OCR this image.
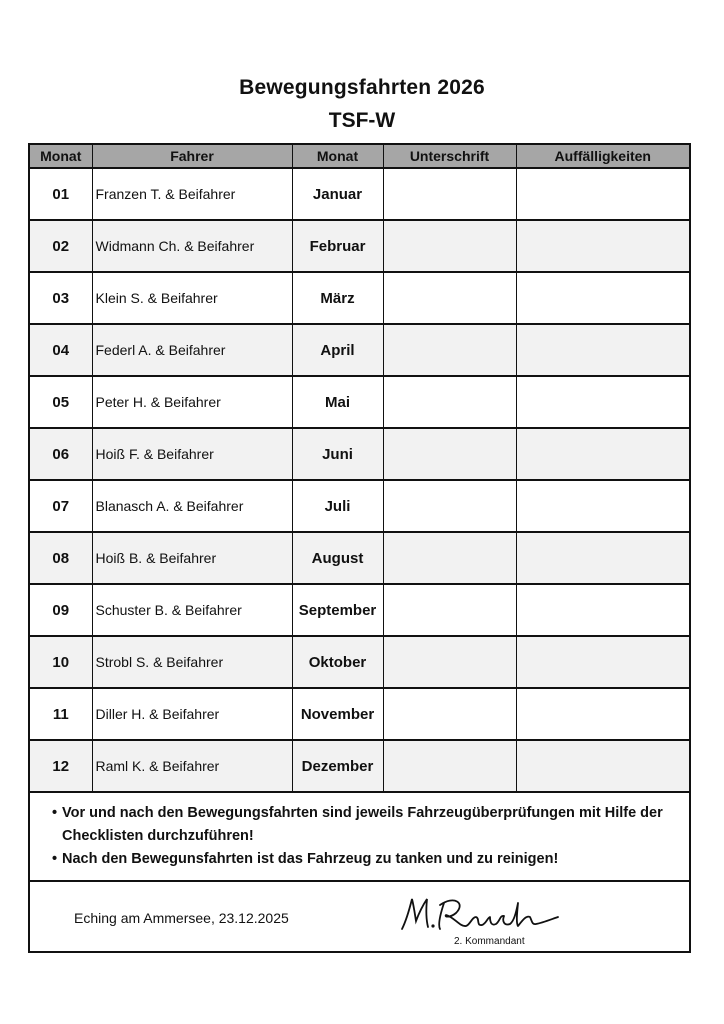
Bewegungsfahrten 2026
TSF-W
Monat	Fahrer	Monat	Unterschrift	Auffälligkeiten
01	Franzen T. & Beifahrer	Januar		
02	Widmann Ch. & Beifahrer	Februar		
03	Klein S. & Beifahrer	März		
04	Federl A. & Beifahrer	April		
05	Peter H. & Beifahrer	Mai		
06	Hoiß F. & Beifahrer	Juni		
07	Blanasch A. & Beifahrer	Juli		
08	Hoiß B. & Beifahrer	August		
09	Schuster B. & Beifahrer	September		
10	Strobl S. & Beifahrer	Oktober		
11	Diller H. & Beifahrer	November		
12	Raml K. & Beifahrer	Dezember		
• Vor und nach den Bewegungsfahrten sind jeweils Fahrzeugüberprüfungen mit Hilfe der Checklisten durchzuführen!
• Nach den Bewegunsfahrten ist das Fahrzeug zu tanken und zu reinigen!
Eching am Ammersee, 23.12.2025
2. Kommandant
